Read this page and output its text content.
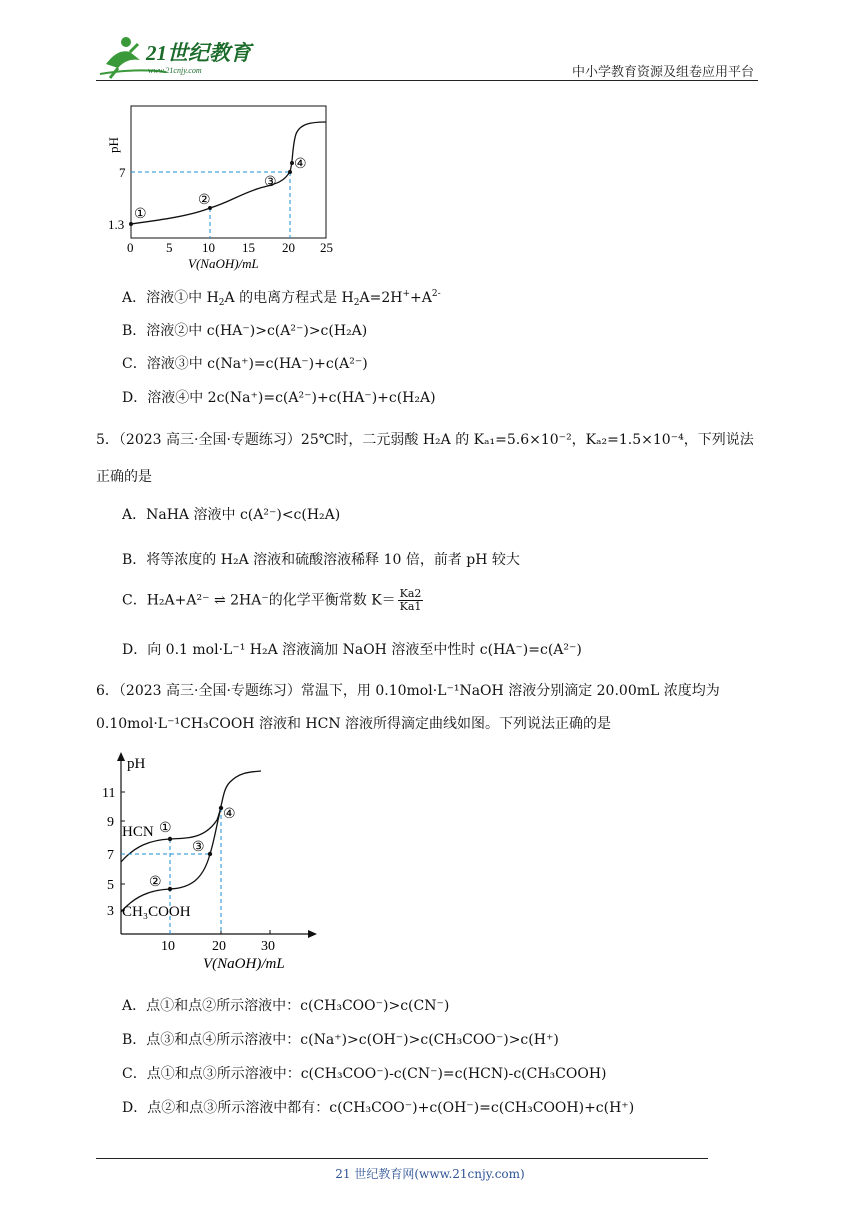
21世纪教育
www.21cnjy.com	中小学教育资源及组卷应用平台
①
②
③
④
1.3
7
pH
0	5 10 15 20 25
V(NaOH)/mL
A．溶液①中 $H_2A$ 的电离方程式是 $H_2A=2H^++A^{2-}$
B．溶液②中 c(HA⁻)>c(A²⁻)>c(H₂A)
C．溶液③中 c(Na⁺)=c(HA⁻)+c(A²⁻)
D．溶液④中 2c(Na⁺)=c(A²⁻)+c(HA⁻)+c(H₂A)
5．（2023 高三·全国·专题练习）25℃时，二元弱酸 H₂A 的 Kₐ₁=5.6×10⁻²，Kₐ₂=1.5×10⁻⁴，下列说法
正确的是
A．NaHA 溶液中 c(A²⁻)<c(H₂A)
B．将等浓度的 H₂A 溶液和硫酸溶液稀释 10 倍，前者 pH 较大
C．H₂A+A²⁻ ⇌ 2HA⁻的化学平衡常数 $K= \frac{Ka2}{Ka1}$
D．向 0.1 mol·L⁻¹ H₂A 溶液滴加 NaOH 溶液至中性时 c(HA⁻)=c(A²⁻)
6．（2023 高三·全国·专题练习）常温下，用 0.10mol·L⁻¹NaOH 溶液分别滴定 20.00mL 浓度均为
0.10mol·L⁻¹CH₃COOH 溶液和 HCN 溶液所得滴定曲线如图。下列说法正确的是
①
②
③
④
HCN
CH₃COOH
3
5
7
9
11
pH
10	20	30
V(NaOH)/mL
A．点①和点②所示溶液中：c(CH₃COO⁻)>c(CN⁻)
B．点③和点④所示溶液中：c(Na⁺)>c(OH⁻)>c(CH₃COO⁻)>c(H⁺)
C．点①和点③所示溶液中：c(CH₃COO⁻)-c(CN⁻)=c(HCN)-c(CH₃COOH)
D．点②和点③所示溶液中都有：c(CH₃COO⁻)+c(OH⁻)=c(CH₃COOH)+c(H⁺)
21 世纪教育网(www.21cnjy.com)
